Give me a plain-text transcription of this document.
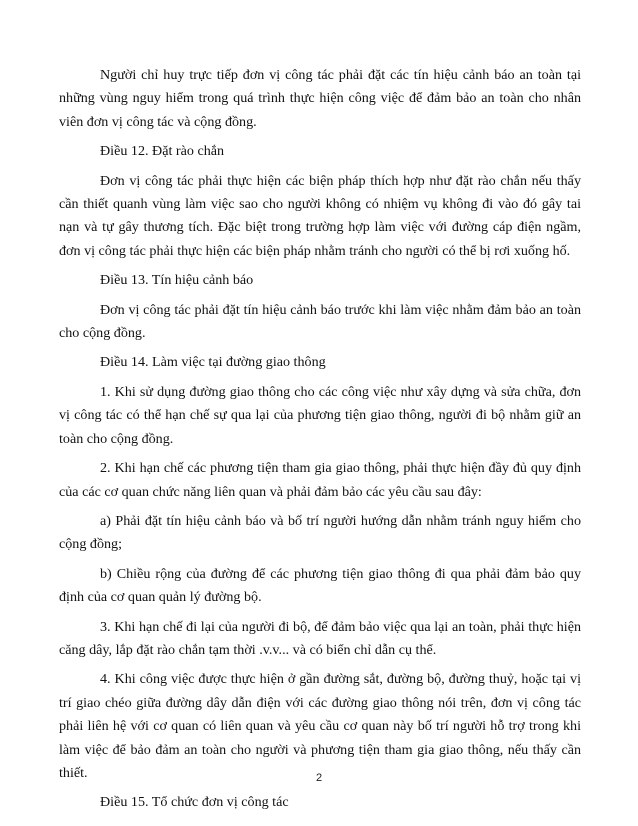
Người chỉ huy trực tiếp đơn vị công tác phải đặt các tín hiệu cảnh báo an toàn tại những vùng nguy hiểm trong quá trình thực hiện công việc để đảm bảo an toàn cho nhân viên đơn vị công tác và cộng đồng.

Điều 12. Đặt rào chắn

Đơn vị công tác phải thực hiện các biện pháp thích hợp như đặt rào chắn nếu thấy cần thiết quanh vùng làm việc sao cho người không có nhiệm vụ không đi vào đó gây tai nạn và tự gây thương tích. Đặc biệt trong trường hợp làm việc với đường cáp điện ngầm, đơn vị công tác phải thực hiện các biện pháp nhằm tránh cho người có thể bị rơi xuống hố.

Điều 13. Tín hiệu cảnh báo

Đơn vị công tác phải đặt tín hiệu cảnh báo trước khi làm việc nhằm đảm bảo an toàn cho cộng đồng.

Điều 14. Làm việc tại đường giao thông

1. Khi sử dụng đường giao thông cho các công việc như xây dựng và sửa chữa, đơn vị công tác có thể hạn chế sự qua lại của phương tiện giao thông, người đi bộ nhằm giữ an toàn cho cộng đồng.

2. Khi hạn chế các phương tiện tham gia giao thông, phải thực hiện đầy đủ quy định của các cơ quan chức năng liên quan và phải đảm bảo các yêu cầu sau đây:

a) Phải đặt tín hiệu cảnh báo và bố trí người hướng dẫn nhằm tránh nguy hiểm cho cộng đồng;

b) Chiều rộng của đường để các phương tiện giao thông đi qua phải đảm bảo quy định của cơ quan quản lý đường bộ.

3. Khi hạn chế đi lại của người đi bộ, để đảm bảo việc qua lại an toàn, phải thực hiện căng dây, lắp đặt rào chắn tạm thời .v.v... và có biển chỉ dẫn cụ thể.

4. Khi công việc được thực hiện ở gần đường sắt, đường bộ, đường thuỷ, hoặc tại vị trí giao chéo giữa đường dây dẫn điện với các đường giao thông nói trên, đơn vị công tác phải liên hệ với cơ quan có liên quan và yêu cầu cơ quan này bố trí người hỗ trợ trong khi làm việc để bảo đảm an toàn cho người và phương tiện tham gia giao thông, nếu thấy cần thiết.

Điều 15. Tổ chức đơn vị công tác

2
